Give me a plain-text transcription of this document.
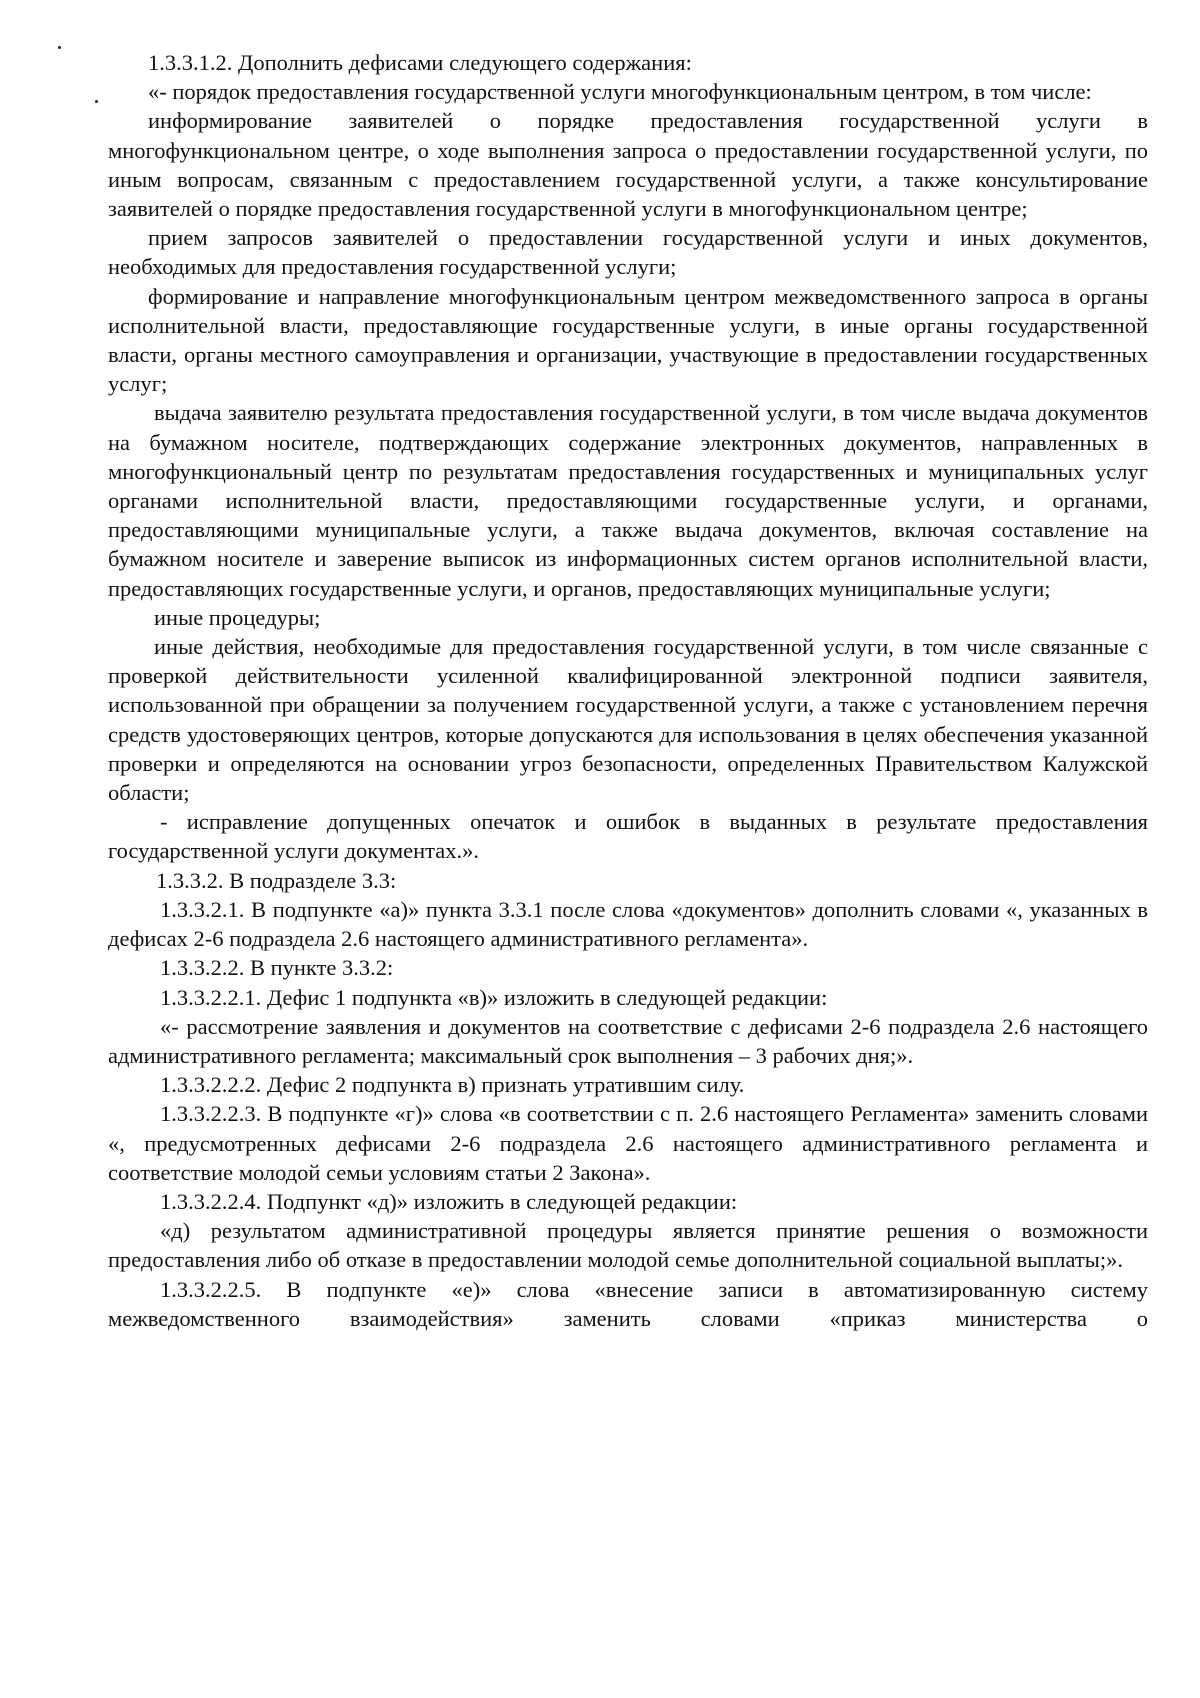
1.3.3.1.2. Дополнить дефисами следующего содержания:

«- порядок предоставления государственной услуги многофункциональным центром, в том числе:

информирование заявителей о порядке предоставления государственной услуги в многофункциональном центре, о ходе выполнения запроса о предоставлении государственной услуги, по иным вопросам, связанным с предоставлением государственной услуги, а также консультирование заявителей о порядке предоставления государственной услуги в многофункциональном центре;

прием запросов заявителей о предоставлении государственной услуги и иных документов, необходимых для предоставления государственной услуги;

формирование и направление многофункциональным центром межведомственного запроса в органы исполнительной власти, предоставляющие государственные услуги, в иные органы государственной власти, органы местного самоуправления и организации, участвующие в предоставлении государственных услуг;

выдача заявителю результата предоставления государственной услуги, в том числе выдача документов на бумажном носителе, подтверждающих содержание электронных документов, направленных в многофункциональный центр по результатам предоставления государственных и муниципальных услуг органами исполнительной власти, предоставляющими государственные услуги, и органами, предоставляющими муниципальные услуги, а также выдача документов, включая составление на бумажном носителе и заверение выписок из информационных систем органов исполнительной власти, предоставляющих государственные услуги, и органов, предоставляющих муниципальные услуги;

иные процедуры;

иные действия, необходимые для предоставления государственной услуги, в том числе связанные с проверкой действительности усиленной квалифицированной электронной подписи заявителя, использованной при обращении за получением государственной услуги, а также с установлением перечня средств удостоверяющих центров, которые допускаются для использования в целях обеспечения указанной проверки и определяются на основании угроз безопасности, определенных Правительством Калужской области;

- исправление допущенных опечаток и ошибок в выданных в результате предоставления государственной услуги документах.».

1.3.3.2. В подразделе 3.3:

1.3.3.2.1. В подпункте «а)» пункта 3.3.1 после слова «документов» дополнить словами «, указанных в дефисах 2-6 подраздела 2.6 настоящего административного регламента».

1.3.3.2.2. В пункте 3.3.2:

1.3.3.2.2.1. Дефис 1 подпункта «в)» изложить в следующей редакции:

«- рассмотрение заявления и документов на соответствие с дефисами 2-6 подраздела 2.6 настоящего административного регламента; максимальный срок выполнения – 3 рабочих дня;».

1.3.3.2.2.2. Дефис 2 подпункта в) признать утратившим силу.

1.3.3.2.2.3. В подпункте «г)» слова «в соответствии с п. 2.6 настоящего Регламента» заменить словами «, предусмотренных дефисами 2-6 подраздела 2.6 настоящего административного регламента и соответствие молодой семьи условиям статьи 2 Закона».

1.3.3.2.2.4. Подпункт «д)» изложить в следующей редакции:

«д) результатом административной процедуры является принятие решения о возможности предоставления либо об отказе в предоставлении молодой семье дополнительной социальной выплаты;».

1.3.3.2.2.5. В подпункте «е)» слова «внесение записи в автоматизированную систему межведомственного взаимодействия» заменить словами «приказ министерства о
